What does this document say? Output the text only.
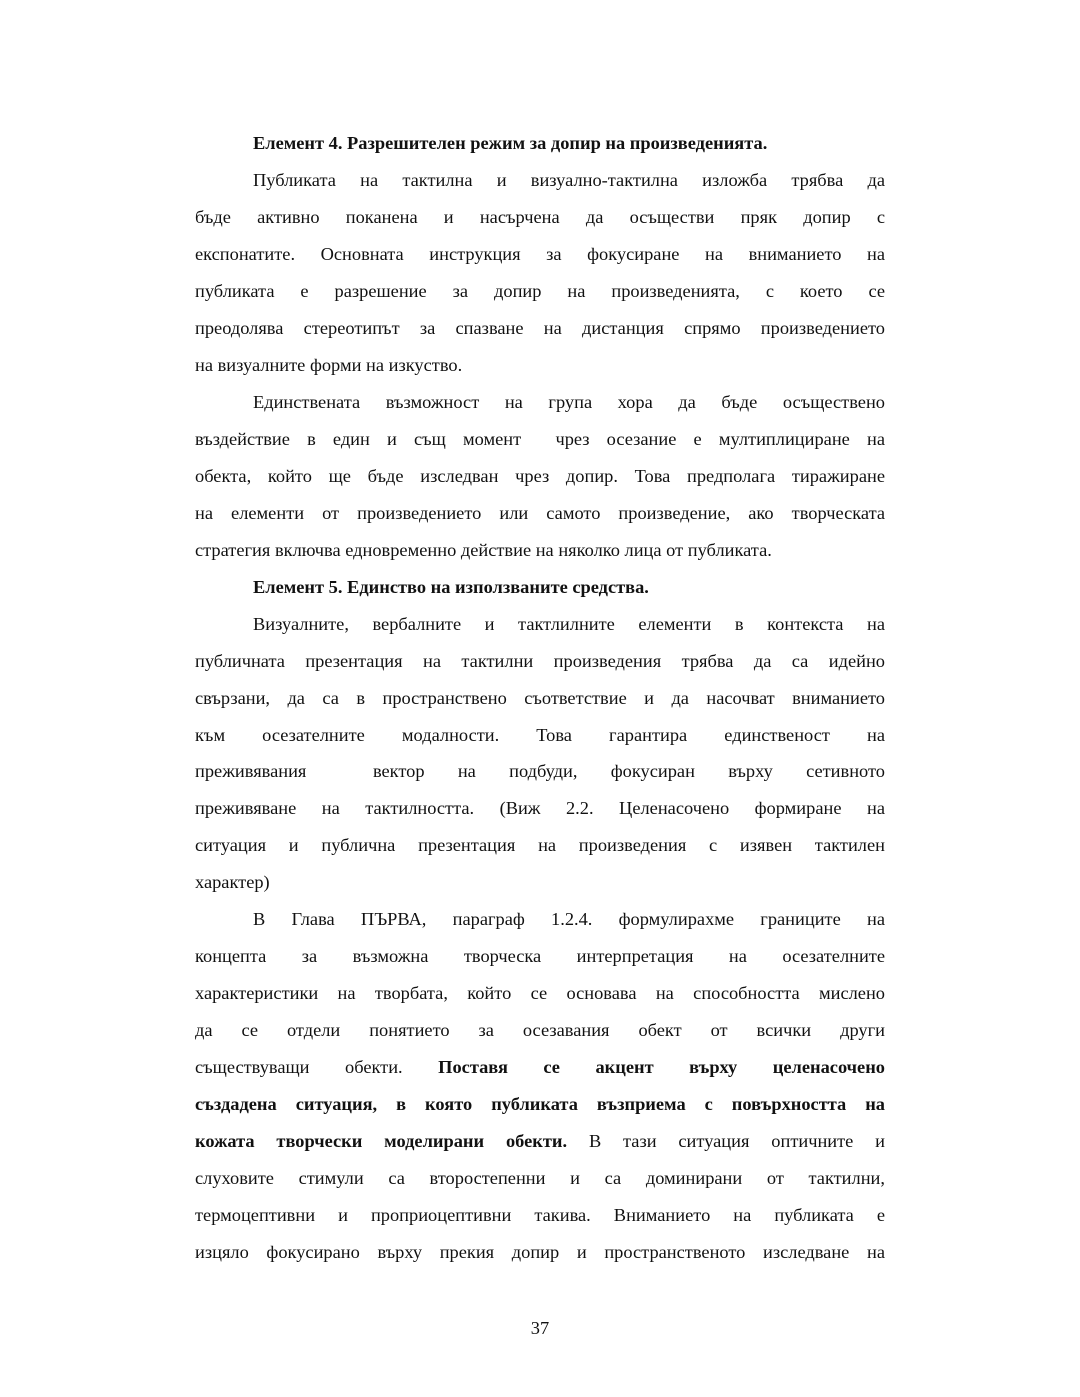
Елемент 4. Разрешителен режим за допир на произведенията.
Публиката на тактилна и визуално-тактилна изложба трябва да
бъде активно поканена и насърчена да осъществи пряк допир с
експонатите. Основната инструкция за фокусиране на вниманието на
публиката е разрешение за допир на произведенията, с което се
преодолява стереотипът за спазване на дистанция спрямо произведението
на визуалните форми на изкуство.
Единствената възможност на група хора да бъде осъществено
въздействие в един и същ момент  чрез осезание е мултиплициране на
обекта, който ще бъде изследван чрез допир. Това предполага тиражиране
на елементи от произведението или самото произведение, ако творческата
стратегия включва едновременно действие на няколко лица от публиката.
Елемент 5. Единство на използваните средства.
Визуалните, вербалните и тактлилните елементи в контекста на
публичната презентация на тактилни произведения трябва да са идейно
свързани, да са в пространствено съответствие и да насочват вниманието
към осезателните модалности. Това гарантира единственост на
преживявания  вектор на подбуди, фокусиран върху сетивното
преживяване на тактилността. (Виж 2.2. Целенасочено формиране на
ситуация и публична презентация на произведения с изявен тактилен
характер)
В Глава ПЪРВА, параграф 1.2.4. формулирахме границите на
концепта за възможна творческа интерпретация на осезателните
характеристики на творбата, който се основава на способността мислено
да се отдели понятието за осезавания обект от всички други
съществуващи обекти. Поставя се акцент върху целенасочено
създадена ситуация, в която публиката възприема с повърхността на
кожата творчески моделирани обекти. В тази ситуация оптичните и
слуховите стимули са второстепенни и са доминирани от тактилни,
термоцептивни и проприоцептивни такива. Вниманието на публиката е
изцяло фокусирано върху прекия допир и пространственото изследване на
37
